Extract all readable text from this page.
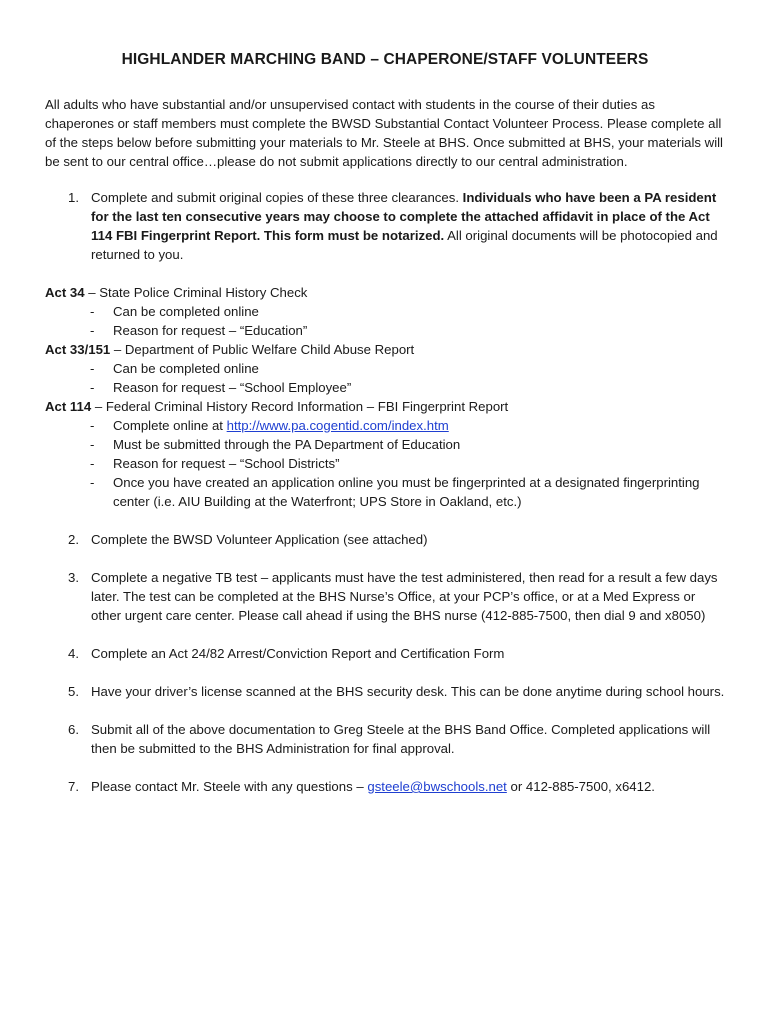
HIGHLANDER MARCHING BAND – CHAPERONE/STAFF VOLUNTEERS
All adults who have substantial and/or unsupervised contact with students in the course of their duties as chaperones or staff members must complete the BWSD Substantial Contact Volunteer Process. Please complete all of the steps below before submitting your materials to Mr. Steele at BHS. Once submitted at BHS, your materials will be sent to our central office…please do not submit applications directly to our central administration.
1. Complete and submit original copies of these three clearances. Individuals who have been a PA resident for the last ten consecutive years may choose to complete the attached affidavit in place of the Act 114 FBI Fingerprint Report. This form must be notarized. All original documents will be photocopied and returned to you.
Act 34 – State Police Criminal History Check
- Can be completed online
- Reason for request – “Education”
Act 33/151 – Department of Public Welfare Child Abuse Report
- Can be completed online
- Reason for request – “School Employee”
Act 114 – Federal Criminal History Record Information – FBI Fingerprint Report
- Complete online at http://www.pa.cogentid.com/index.htm
- Must be submitted through the PA Department of Education
- Reason for request – “School Districts”
- Once you have created an application online you must be fingerprinted at a designated fingerprinting center (i.e. AIU Building at the Waterfront; UPS Store in Oakland, etc.)
2. Complete the BWSD Volunteer Application (see attached)
3. Complete a negative TB test – applicants must have the test administered, then read for a result a few days later. The test can be completed at the BHS Nurse’s Office, at your PCP’s office, or at a Med Express or other urgent care center. Please call ahead if using the BHS nurse (412-885-7500, then dial 9 and x8050)
4. Complete an Act 24/82 Arrest/Conviction Report and Certification Form
5. Have your driver’s license scanned at the BHS security desk. This can be done anytime during school hours.
6. Submit all of the above documentation to Greg Steele at the BHS Band Office. Completed applications will then be submitted to the BHS Administration for final approval.
7. Please contact Mr. Steele with any questions – gsteele@bwschools.net or 412-885-7500, x6412.
